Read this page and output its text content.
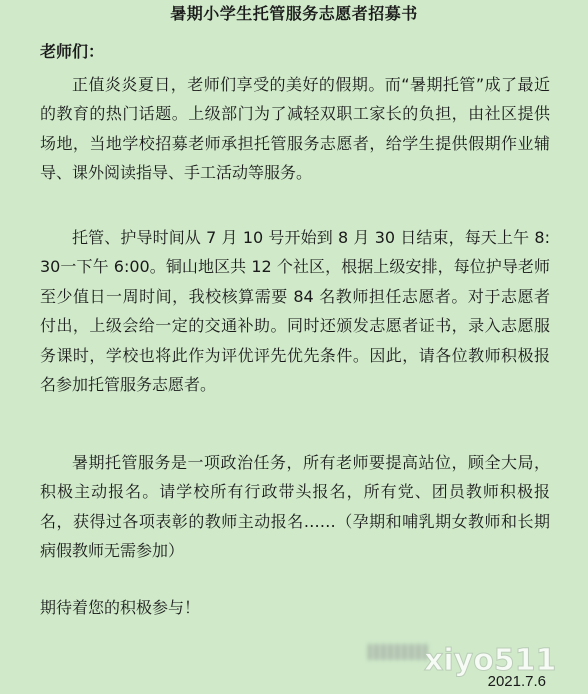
暑期小学生托管服务志愿者招募书
老师们：

正值炎炎夏日，老师们享受的美好的假期。而“暑期托管”成了最近的教育的热门话题。上级部门为了减轻双职工家长的负担，由社区提供场地，当地学校招募老师承担托管服务志愿者，给学生提供假期作业辅导、课外阅读指导、手工活动等服务。

托管、护导时间从 7 月 10 号开始到 8 月 30 日结束，每天上午 8:30一下午 6:00。铜山地区共 12 个社区，根据上级安排，每位护导老师至少值日一周时间，我校核算需要 84 名教师担任志愿者。对于志愿者付出，上级会给一定的交通补助。同时还颁发志愿者证书，录入志愿服务课时，学校也将此作为评优评先优先条件。因此，请各位教师积极报名参加托管服务志愿者。

暑期托管服务是一项政治任务，所有老师要提高站位，顾全大局，积极主动报名。请学校所有行政带头报名，所有党、团员教师积极报名，获得过各项表彰的教师主动报名……（孕期和哺乳期女教师和长期病假教师无需参加）

期待着您的积极参与！
xiyo511
2021.7.6
